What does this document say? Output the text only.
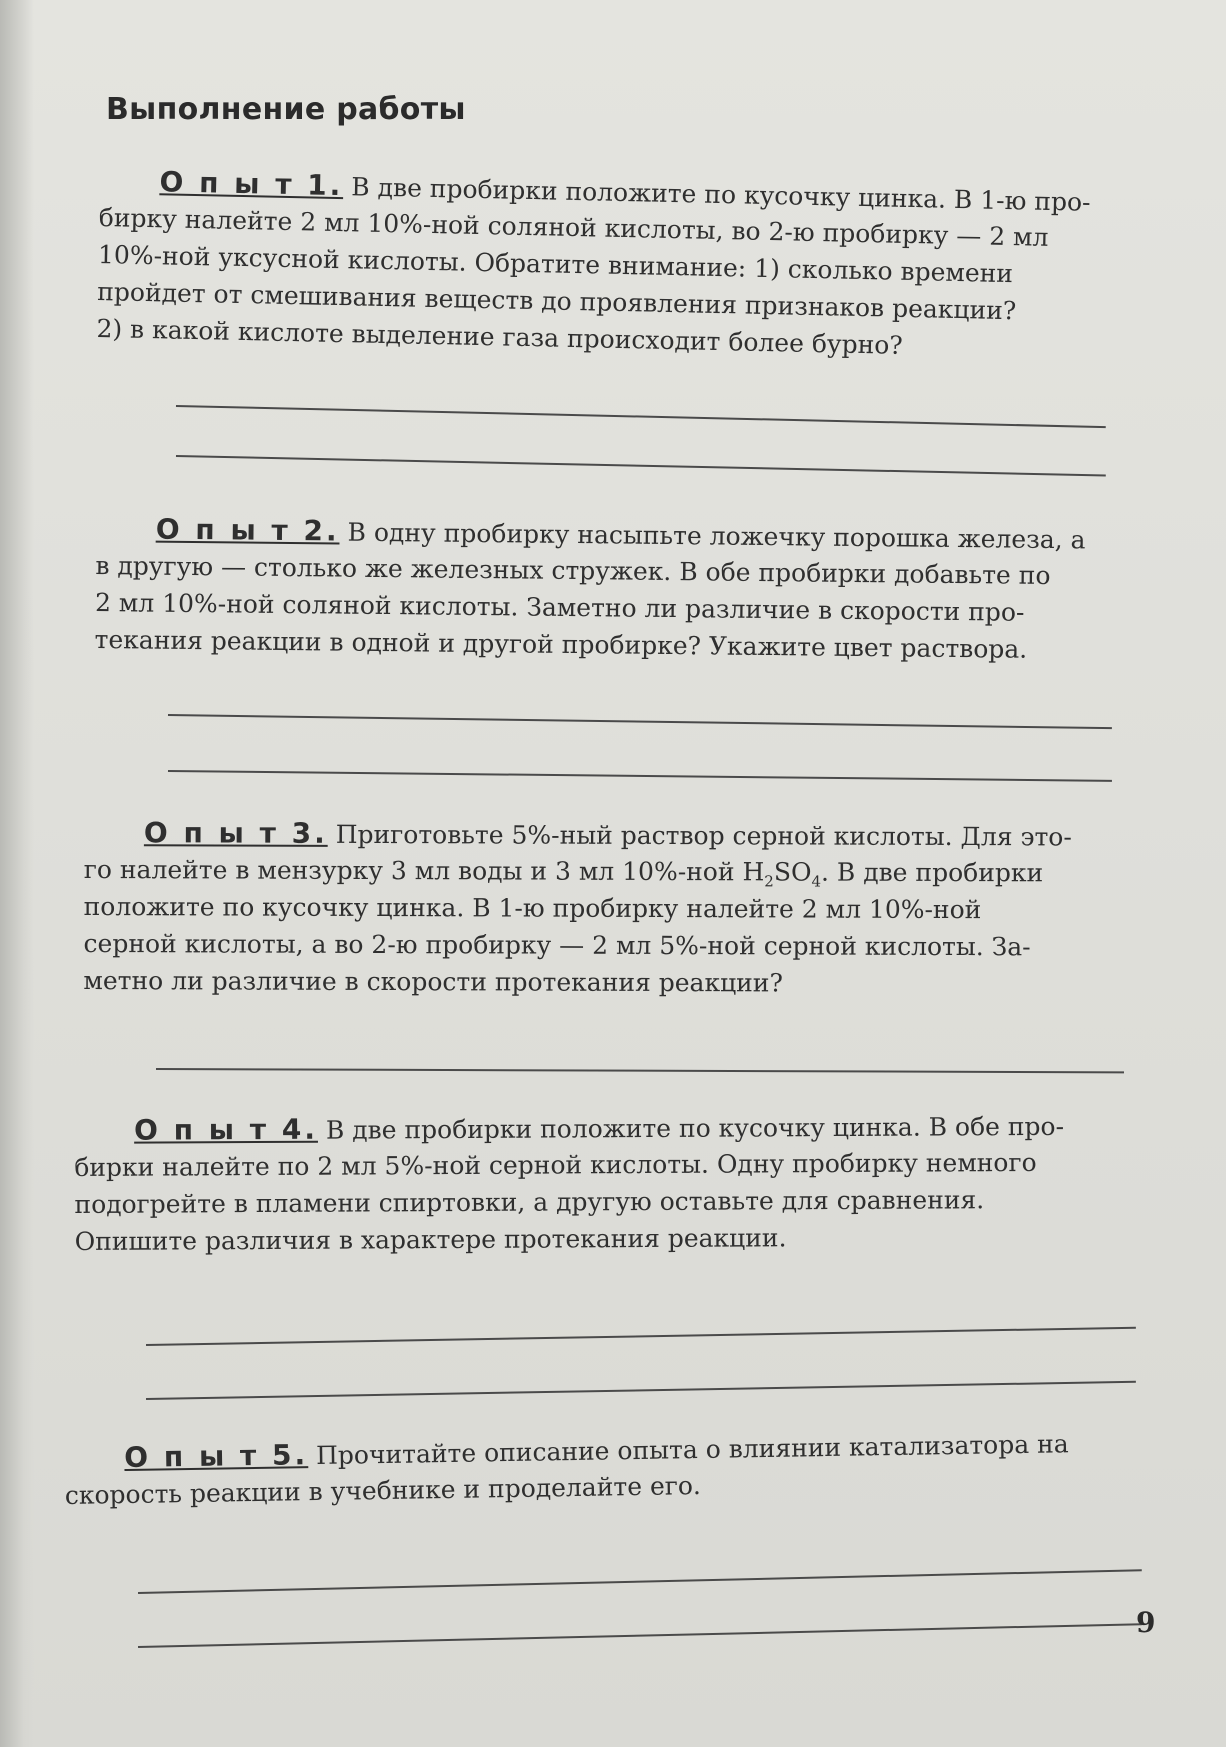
Выполнение работы
О п ы т 1. В две пробирки положите по кусочку цинка. В 1-ю про-
бирку налейте 2 мл 10%-ной соляной кислоты, во 2-ю пробирку — 2 мл
10%-ной уксусной кислоты. Обратите внимание: 1) сколько времени
пройдет от смешивания веществ до проявления признаков реакции?
2) в какой кислоте выделение газа происходит более бурно?
О п ы т 2. В одну пробирку насыпьте ложечку порошка железа, а
в другую — столько же железных стружек. В обе пробирки добавьте по
2 мл 10%-ной соляной кислоты. Заметно ли различие в скорости про-
текания реакции в одной и другой пробирке? Укажите цвет раствора.
О п ы т 3. Приготовьте 5%-ный раствор серной кислоты. Для это-
го налейте в мензурку 3 мл воды и 3 мл 10%-ной $H_2SO_4$. В две пробирки
положите по кусочку цинка. В 1-ю пробирку налейте 2 мл 10%-ной
серной кислоты, а во 2-ю пробирку — 2 мл 5%-ной серной кислоты. За-
метно ли различие в скорости протекания реакции?
О п ы т 4. В две пробирки положите по кусочку цинка. В обе про-
бирки налейте по 2 мл 5%-ной серной кислоты. Одну пробирку немного
подогрейте в пламени спиртовки, а другую оставьте для сравнения.
Опишите различия в характере протекания реакции.
О п ы т 5. Прочитайте описание опыта о влиянии катализатора на
скорость реакции в учебнике и проделайте его.
9
